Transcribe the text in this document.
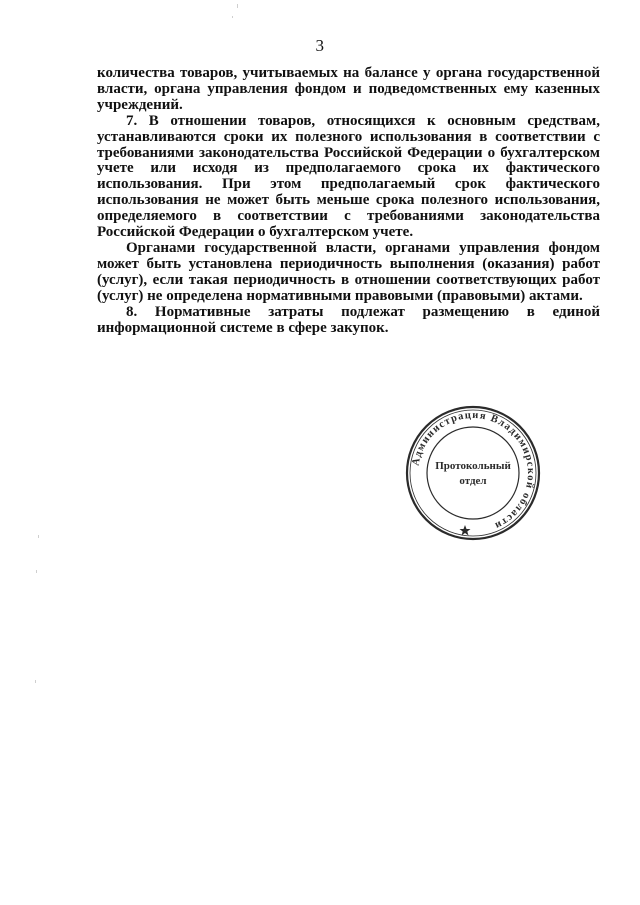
3

количества товаров, учитываемых на балансе у органа государственной власти, органа управления фондом и подведомственных ему казенных учреждений.

7. В отношении товаров, относящихся к основным средствам, устанавливаются сроки их полезного использования в соответствии с требованиями законодательства Российской Федерации о бухгалтерском учете или исходя из предполагаемого срока их фактического использования. При этом предполагаемый срок фактического использования не может быть меньше срока полезного использования, определяемого в соответствии с требованиями законодательства Российской Федерации о бухгалтерском учете.

Органами государственной власти, органами управления фондом может быть установлена периодичность выполнения (оказания) работ (услуг), если такая периодичность в отношении соответствующих работ (услуг) не определена нормативными правовыми (правовыми) актами.

8. Нормативные затраты подлежат размещению в единой информационной системе в сфере закупок.

Администрация Владимирской области
Протокольный
отдел
